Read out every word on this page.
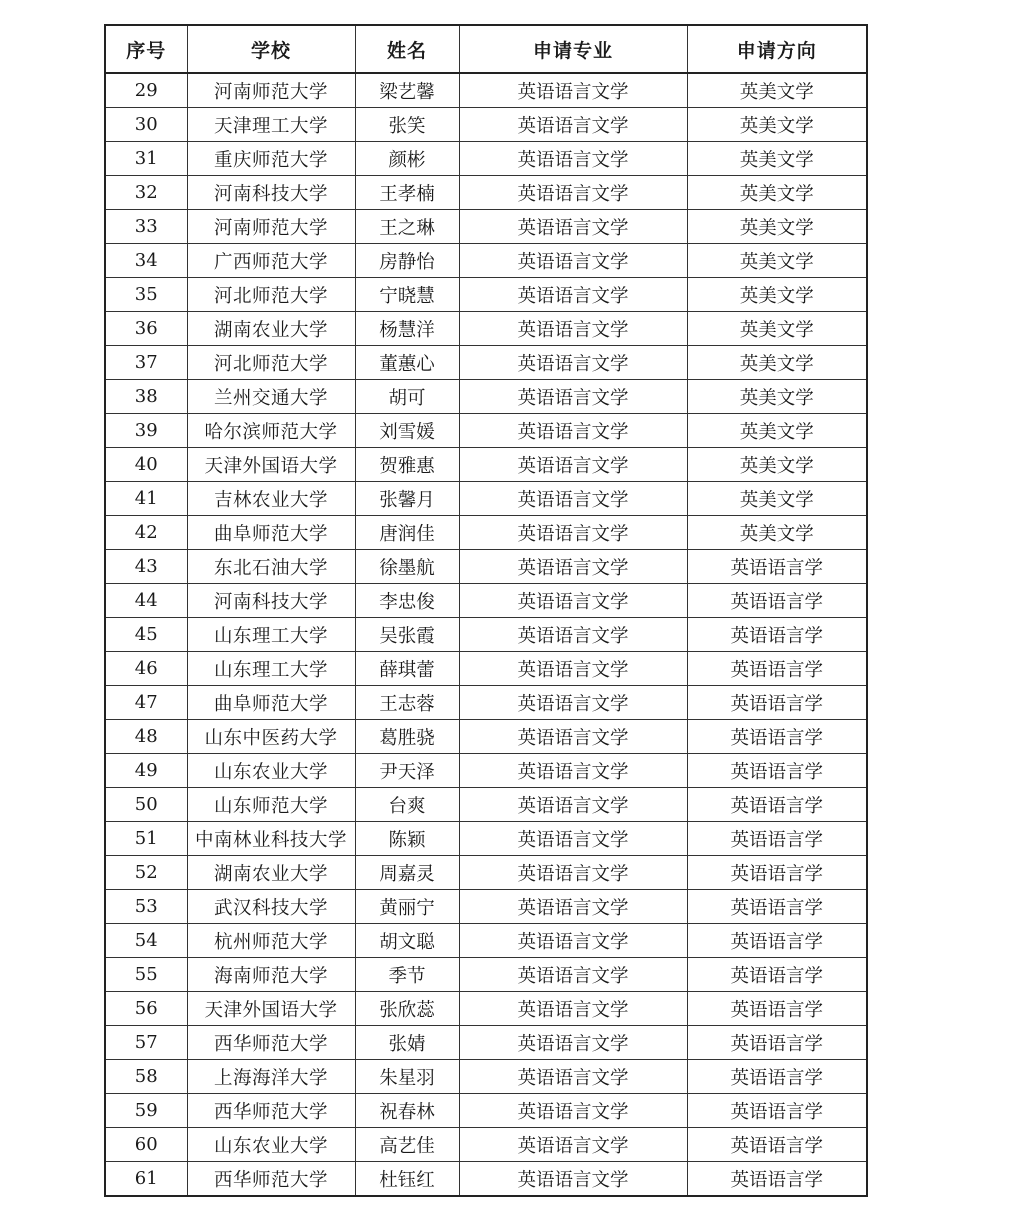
序号	学校	姓名	申请专业	申请方向
29	河南师范大学	梁艺馨	英语语言文学	英美文学
30	天津理工大学	张笑	英语语言文学	英美文学
31	重庆师范大学	颜彬	英语语言文学	英美文学
32	河南科技大学	王孝楠	英语语言文学	英美文学
33	河南师范大学	王之琳	英语语言文学	英美文学
34	广西师范大学	房静怡	英语语言文学	英美文学
35	河北师范大学	宁晓慧	英语语言文学	英美文学
36	湖南农业大学	杨慧洋	英语语言文学	英美文学
37	河北师范大学	董蕙心	英语语言文学	英美文学
38	兰州交通大学	胡可	英语语言文学	英美文学
39	哈尔滨师范大学	刘雪媛	英语语言文学	英美文学
40	天津外国语大学	贺雅惠	英语语言文学	英美文学
41	吉林农业大学	张馨月	英语语言文学	英美文学
42	曲阜师范大学	唐润佳	英语语言文学	英美文学
43	东北石油大学	徐墨航	英语语言文学	英语语言学
44	河南科技大学	李忠俊	英语语言文学	英语语言学
45	山东理工大学	吴张霞	英语语言文学	英语语言学
46	山东理工大学	薛琪蕾	英语语言文学	英语语言学
47	曲阜师范大学	王志蓉	英语语言文学	英语语言学
48	山东中医药大学	葛胜骁	英语语言文学	英语语言学
49	山东农业大学	尹天泽	英语语言文学	英语语言学
50	山东师范大学	台爽	英语语言文学	英语语言学
51	中南林业科技大学	陈颖	英语语言文学	英语语言学
52	湖南农业大学	周嘉灵	英语语言文学	英语语言学
53	武汉科技大学	黄丽宁	英语语言文学	英语语言学
54	杭州师范大学	胡文聪	英语语言文学	英语语言学
55	海南师范大学	季节	英语语言文学	英语语言学
56	天津外国语大学	张欣蕊	英语语言文学	英语语言学
57	西华师范大学	张婧	英语语言文学	英语语言学
58	上海海洋大学	朱星羽	英语语言文学	英语语言学
59	西华师范大学	祝春林	英语语言文学	英语语言学
60	山东农业大学	高艺佳	英语语言文学	英语语言学
61	西华师范大学	杜钰红	英语语言文学	英语语言学
